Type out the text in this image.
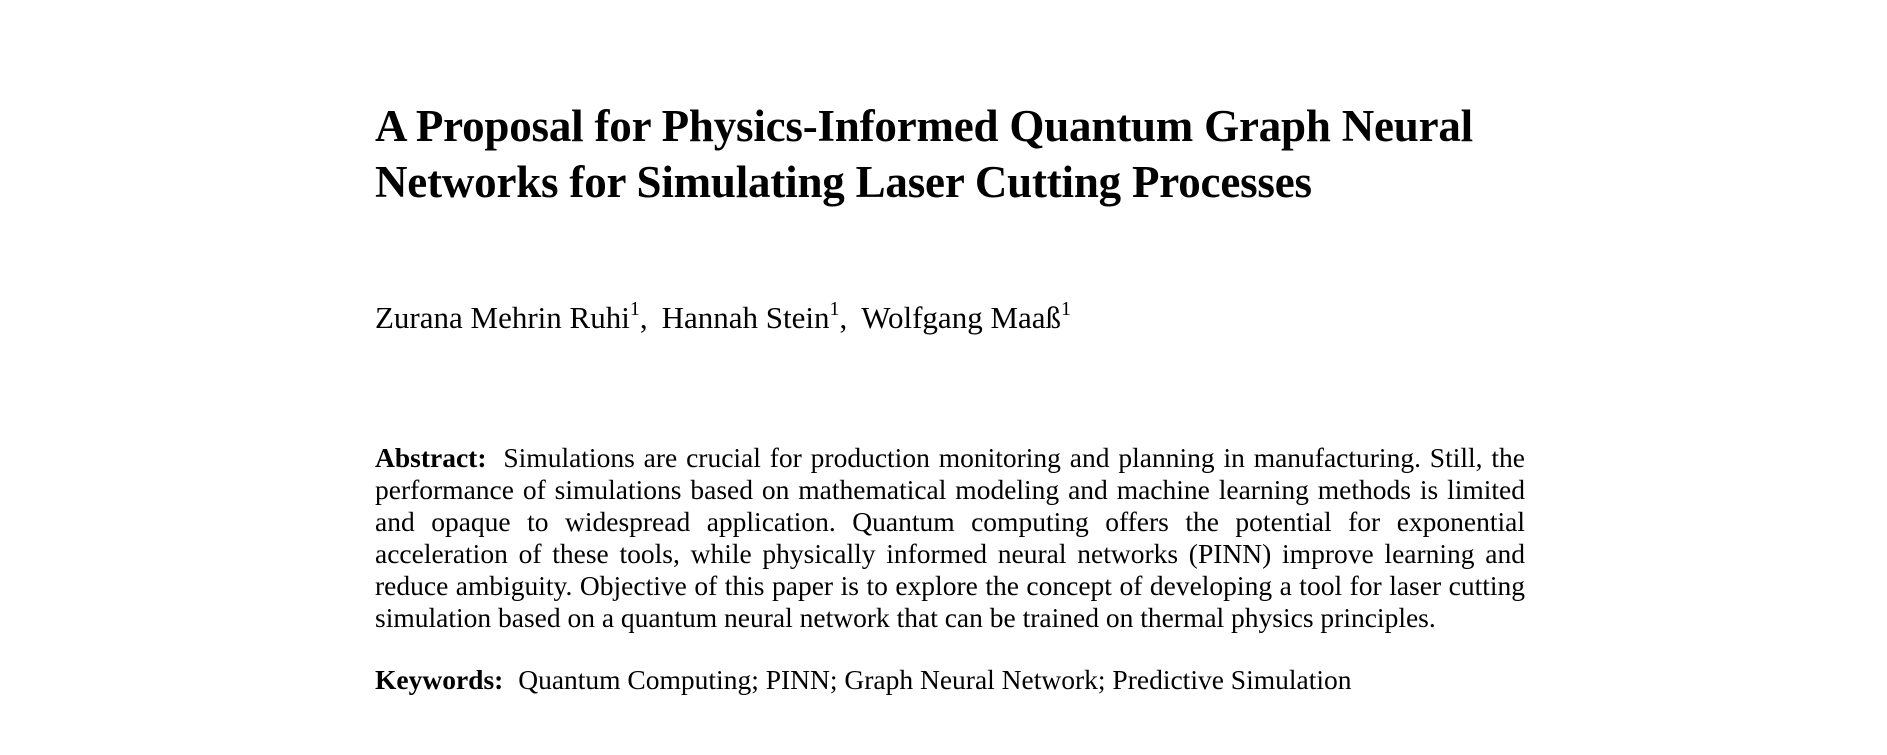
A Proposal for Physics-Informed Quantum Graph Neural Networks for Simulating Laser Cutting Processes
Zurana Mehrin Ruhi$^1$, Hannah Stein$^1$, Wolfgang Maaß$^1$
Abstract: Simulations are crucial for production monitoring and planning in manufacturing. Still, the performance of simulations based on mathematical modeling and machine learning methods is limited and opaque to widespread application. Quantum computing offers the potential for exponential acceleration of these tools, while physically informed neural networks (PINN) improve learning and reduce ambiguity. Objective of this paper is to explore the concept of developing a tool for laser cutting simulation based on a quantum neural network that can be trained on thermal physics principles.
Keywords: Quantum Computing; PINN; Graph Neural Network; Predictive Simulation
